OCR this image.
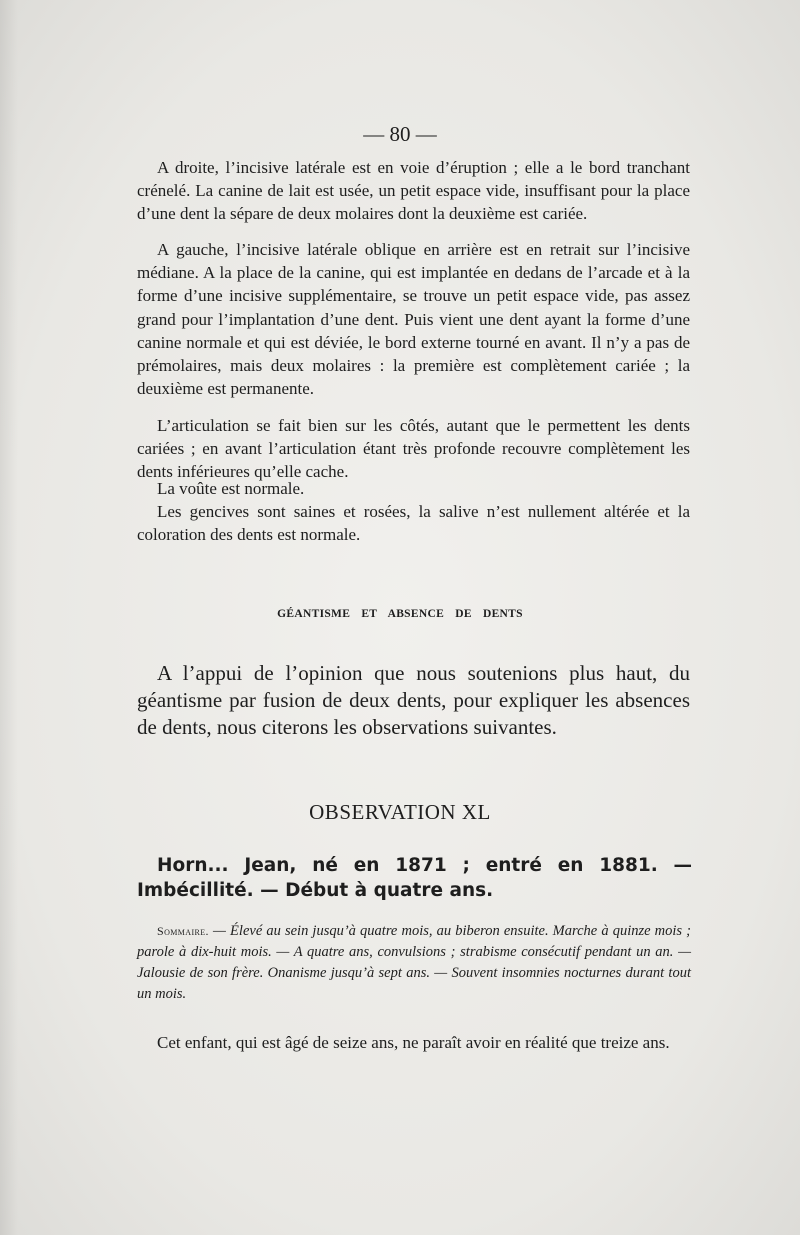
— 80 —

A droite, l’incisive latérale est en voie d’éruption ; elle a le bord tranchant crénelé. La canine de lait est usée, un petit espace vide, insuffisant pour la place d’une dent la sépare de deux molaires dont la deuxième est cariée.

A gauche, l’incisive latérale oblique en arrière est en retrait sur l’incisive médiane. A la place de la canine, qui est implantée en dedans de l’arcade et à la forme d’une incisive supplémentaire, se trouve un petit espace vide, pas assez grand pour l’implantation d’une dent. Puis vient une dent ayant la forme d’une canine normale et qui est déviée, le bord externe tourné en avant. Il n’y a pas de prémolaires, mais deux molaires : la première est complètement cariée ; la deuxième est permanente.

L’articulation se fait bien sur les côtés, autant que le permettent les dents cariées ; en avant l’articulation étant très profonde recouvre complètement les dents inférieures qu’elle cache.

La voûte est normale.

Les gencives sont saines et rosées, la salive n’est nullement altérée et la coloration des dents est normale.

GÉANTISME ET ABSENCE DE DENTS

A l’appui de l’opinion que nous soutenions plus haut, du géantisme par fusion de deux dents, pour expliquer les absences de dents, nous citerons les observations suivantes.

OBSERVATION XL

Horn... Jean, né en 1871 ; entré en 1881. — Imbécillité. — Début à quatre ans.

Sommaire. — Élevé au sein jusqu’à quatre mois, au biberon ensuite. Marche à quinze mois ; parole à dix-huit mois. — A quatre ans, convulsions ; strabisme consécutif pendant un an. — Jalousie de son frère. Onanisme jusqu’à sept ans. — Souvent insomnies nocturnes durant tout un mois.

Cet enfant, qui est âgé de seize ans, ne paraît avoir en réalité que treize ans.
